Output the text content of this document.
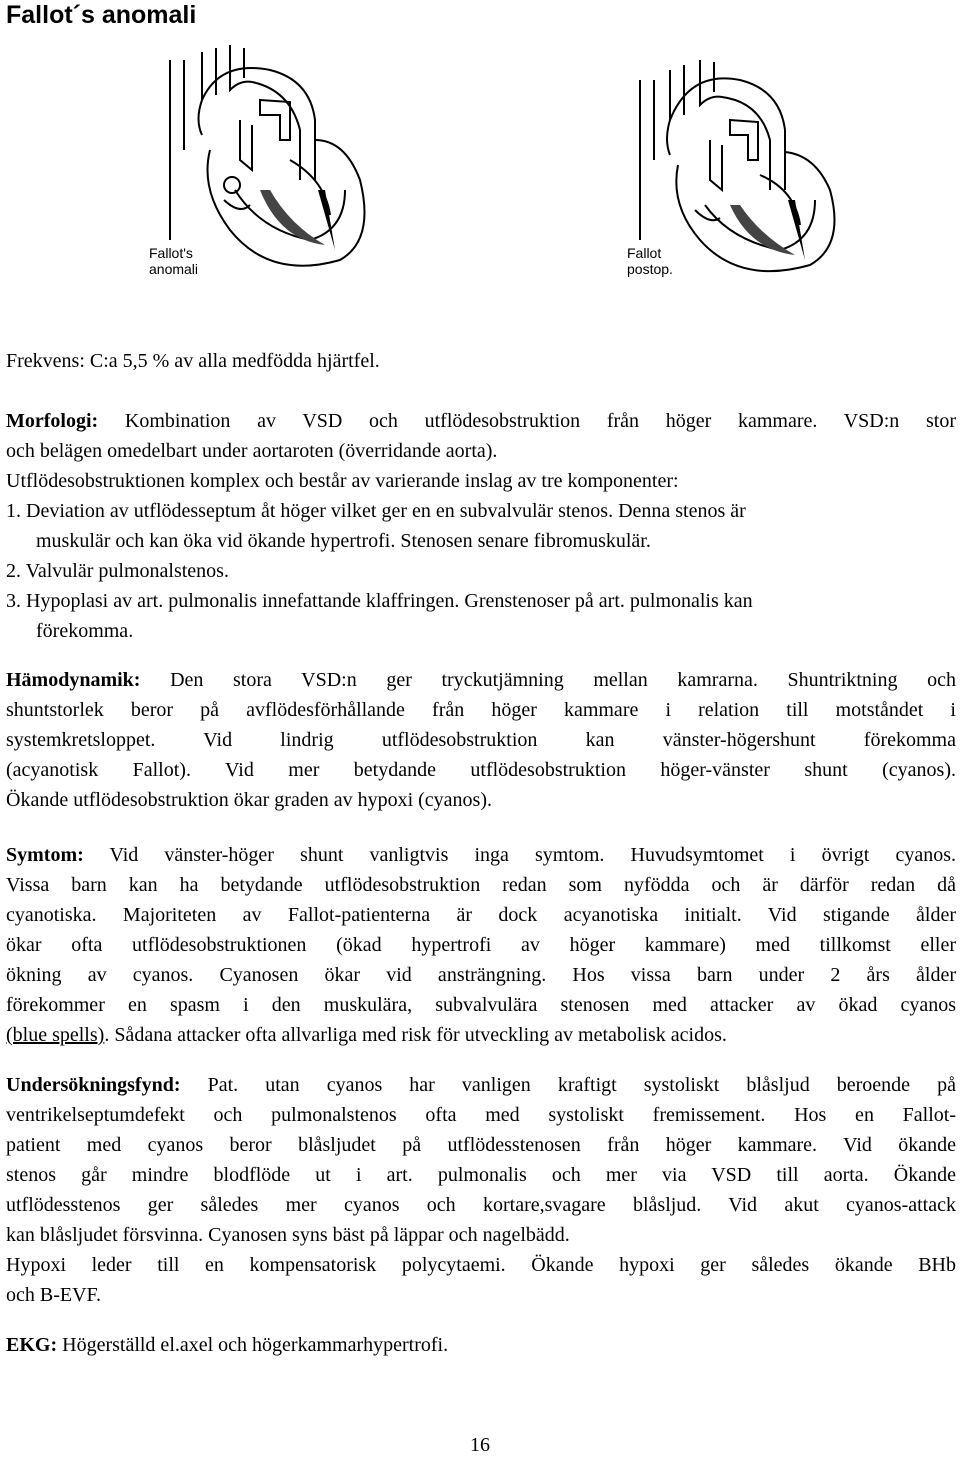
Fallot´s anomali
Fallot's
anomali
Fallot
postop.

Frekvens: C:a 5,5 % av alla medfödda hjärtfel.

Morfologi: Kombination av VSD och utflödesobstruktion från höger kammare. VSD:n stor
och belägen omedelbart under aortaroten (överridande aorta).
Utflödesobstruktionen komplex och består av varierande inslag av tre komponenter:
1. Deviation av utflödesseptum åt höger vilket ger en en subvalvulär stenos. Denna stenos är
muskulär och kan öka vid ökande hypertrofi. Stenosen senare fibromuskulär.
2. Valvulär pulmonalstenos.
3. Hypoplasi av art. pulmonalis innefattande klaffringen. Grenstenoser på art. pulmonalis kan
förekomma.
Hämodynamik: Den stora VSD:n ger tryckutjämning mellan kamrarna. Shuntriktning och
shuntstorlek beror på avflödesförhållande från höger kammare i relation till motståndet i
systemkretsloppet. Vid lindrig utflödesobstruktion kan vänster-högershunt förekomma
(acyanotisk Fallot). Vid mer betydande utflödesobstruktion höger-vänster shunt (cyanos).
Ökande utflödesobstruktion ökar graden av hypoxi (cyanos).
Symtom: Vid vänster-höger shunt vanligtvis inga symtom. Huvudsymtomet i övrigt cyanos.
Vissa barn kan ha betydande utflödesobstruktion redan som nyfödda och är därför redan då
cyanotiska. Majoriteten av Fallot-patienterna är dock acyanotiska initialt. Vid stigande ålder
ökar ofta utflödesobstruktionen (ökad hypertrofi av höger kammare) med tillkomst eller
ökning av cyanos. Cyanosen ökar vid ansträngning. Hos vissa barn under 2 års ålder
förekommer en spasm i den muskulära, subvalvulära stenosen med attacker av ökad cyanos
(blue spells). Sådana attacker ofta allvarliga med risk för utveckling av metabolisk acidos.
Undersökningsfynd: Pat. utan cyanos har vanligen kraftigt systoliskt blåsljud beroende på
ventrikelseptumdefekt och pulmonalstenos ofta med systoliskt fremissement. Hos en Fallot-
patient med cyanos beror blåsljudet på utflödesstenosen från höger kammare. Vid ökande
stenos går mindre blodflöde ut i art. pulmonalis och mer via VSD till aorta. Ökande
utflödesstenos ger således mer cyanos och kortare,svagare blåsljud. Vid akut cyanos-attack
kan blåsljudet försvinna. Cyanosen syns bäst på läppar och nagelbädd.
Hypoxi leder till en kompensatorisk polycytaemi. Ökande hypoxi ger således ökande BHb
och B-EVF.
EKG: Högerställd el.axel och högerkammarhypertrofi.
16
